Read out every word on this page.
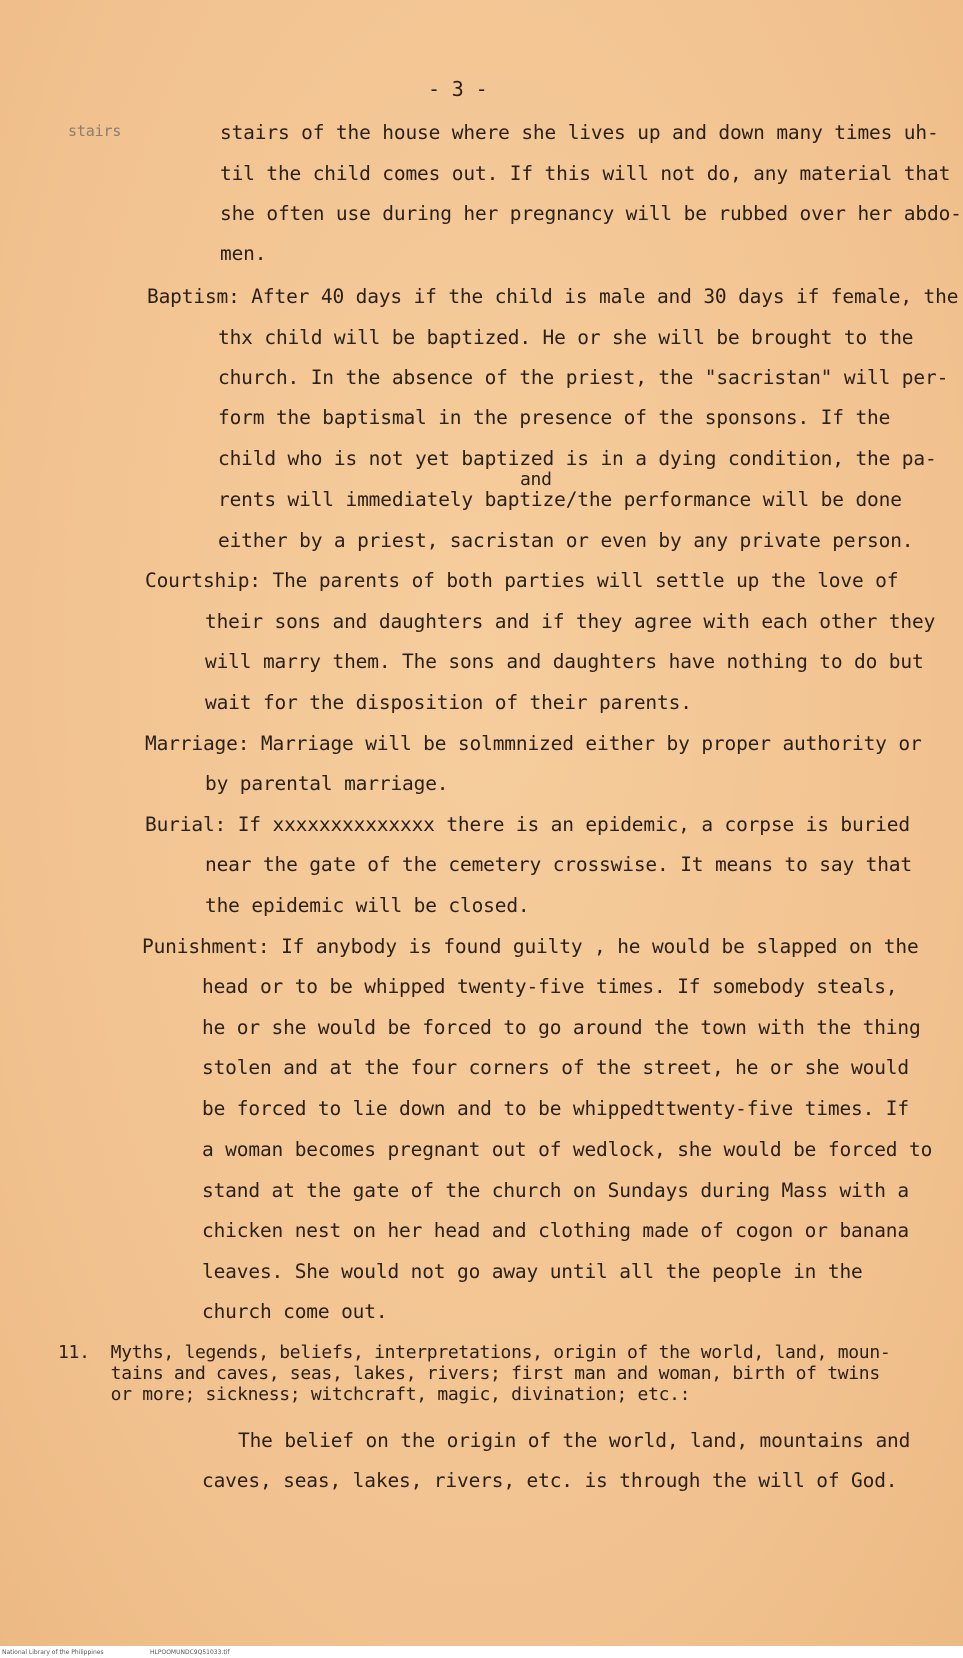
- 3 -
stairs	stairs of the house where she lives up and down many times uh-
til the child comes out. If this will not do, any material that
she often use during her pregnancy will be rubbed over her abdo-
men.
Baptism: After 40 days if the child is male and 30 days if female, the
thx child will be baptized. He or she will be brought to the
church. In the absence of the priest, the "sacristan" will per-
form the baptismal in the presence of the sponsons. If the
child who is not yet baptized is in a dying condition, the pa-
and
rents will immediately baptize/the performance will be done
either by a priest, sacristan or even by any private person.
Courtship: The parents of both parties will settle up the love of
their sons and daughters and if they agree with each other they
will marry them. The sons and daughters have nothing to do but
wait for the disposition of their parents.
Marriage: Marriage will be solmmnized either by proper authority or
by parental marriage.
Burial: If xxxxxxxxxxxxxx there is an epidemic, a corpse is buried
near the gate of the cemetery crosswise. It means to say that
the epidemic will be closed.
Punishment: If anybody is found guilty , he would be slapped on the
head or to be whipped twenty-five times. If somebody steals,
he or she would be forced to go around the town with the thing
stolen and at the four corners of the street, he or she would
be forced to lie down and to be whippedttwenty-five times. If
a woman becomes pregnant out of wedlock, she would be forced to
stand at the gate of the church on Sundays during Mass with a
chicken nest on her head and clothing made of cogon or banana
leaves. She would not go away until all the people in the
church come out.
11.  Myths, legends, beliefs, interpretations, origin of the world, land, moun-
tains and caves, seas, lakes, rivers; first man and woman, birth of twins
or more; sickness; witchcraft, magic, divination; etc.:
The belief on the origin of the world, land, mountains and
caves, seas, lakes, rivers, etc. is through the will of God.
National Library of the Philippines	HLPOOMUNDC9Q51033.tif
